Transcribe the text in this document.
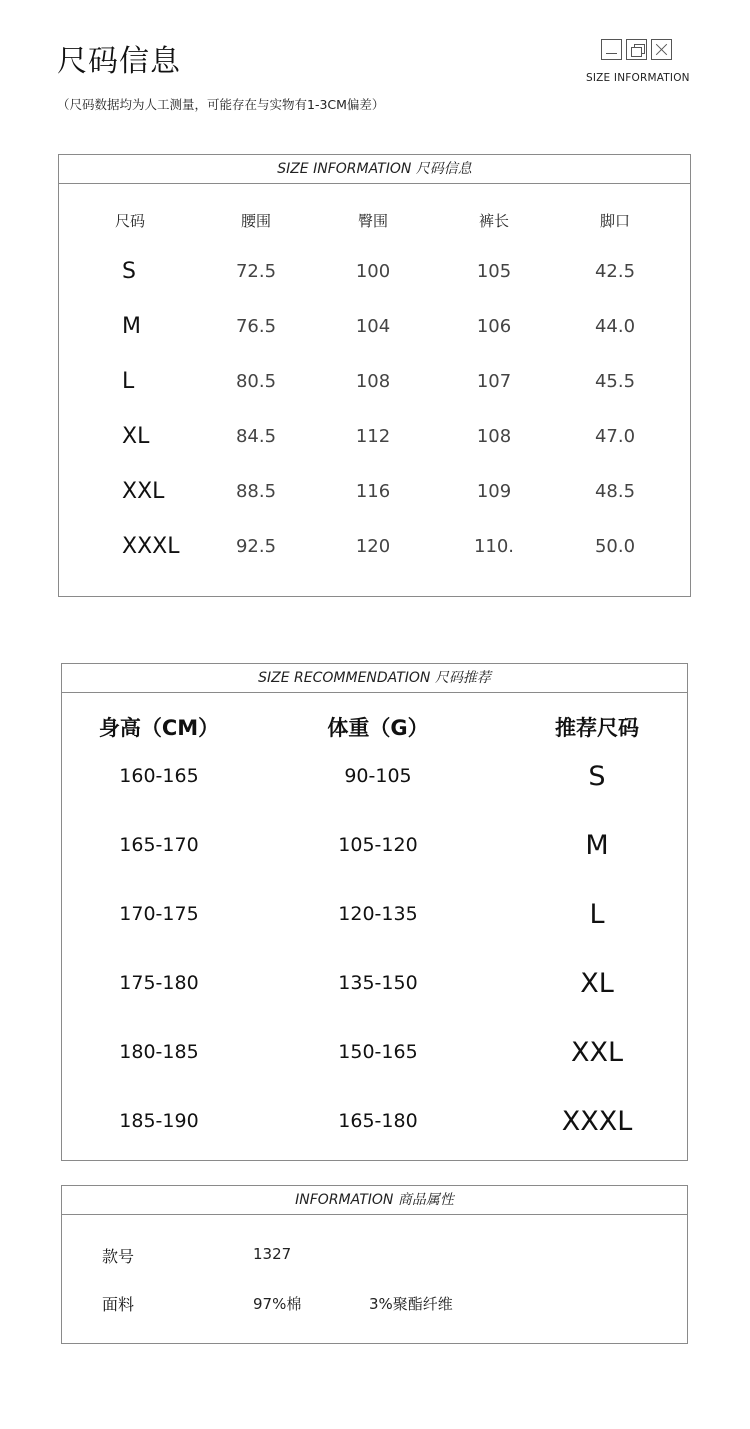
尺码信息
（尺码数据均为人工测量，可能存在与实物有1-3CM偏差）
SIZE INFORMATION
SIZE INFORMATION 尺码信息
尺码	腰围	臀围	裤长	脚口
S	72.5	100	105	42.5
M	76.5	104	106	44.0
L	80.5	108	107	45.5
XL	84.5	112	108	47.0
XXL	88.5	116	109	48.5
XXXL	92.5	120	110.	50.0
SIZE RECOMMENDATION 尺码推荐
身高（CM）	体重（G）	推荐尺码
160-165	90-105	S
165-170	105-120	M
170-175	120-135	L
175-180	135-150	XL
180-185	150-165	XXL
185-190	165-180	XXXL
INFORMATION 商品属性
款号	1327
面料	97%棉	3%聚酯纤维
